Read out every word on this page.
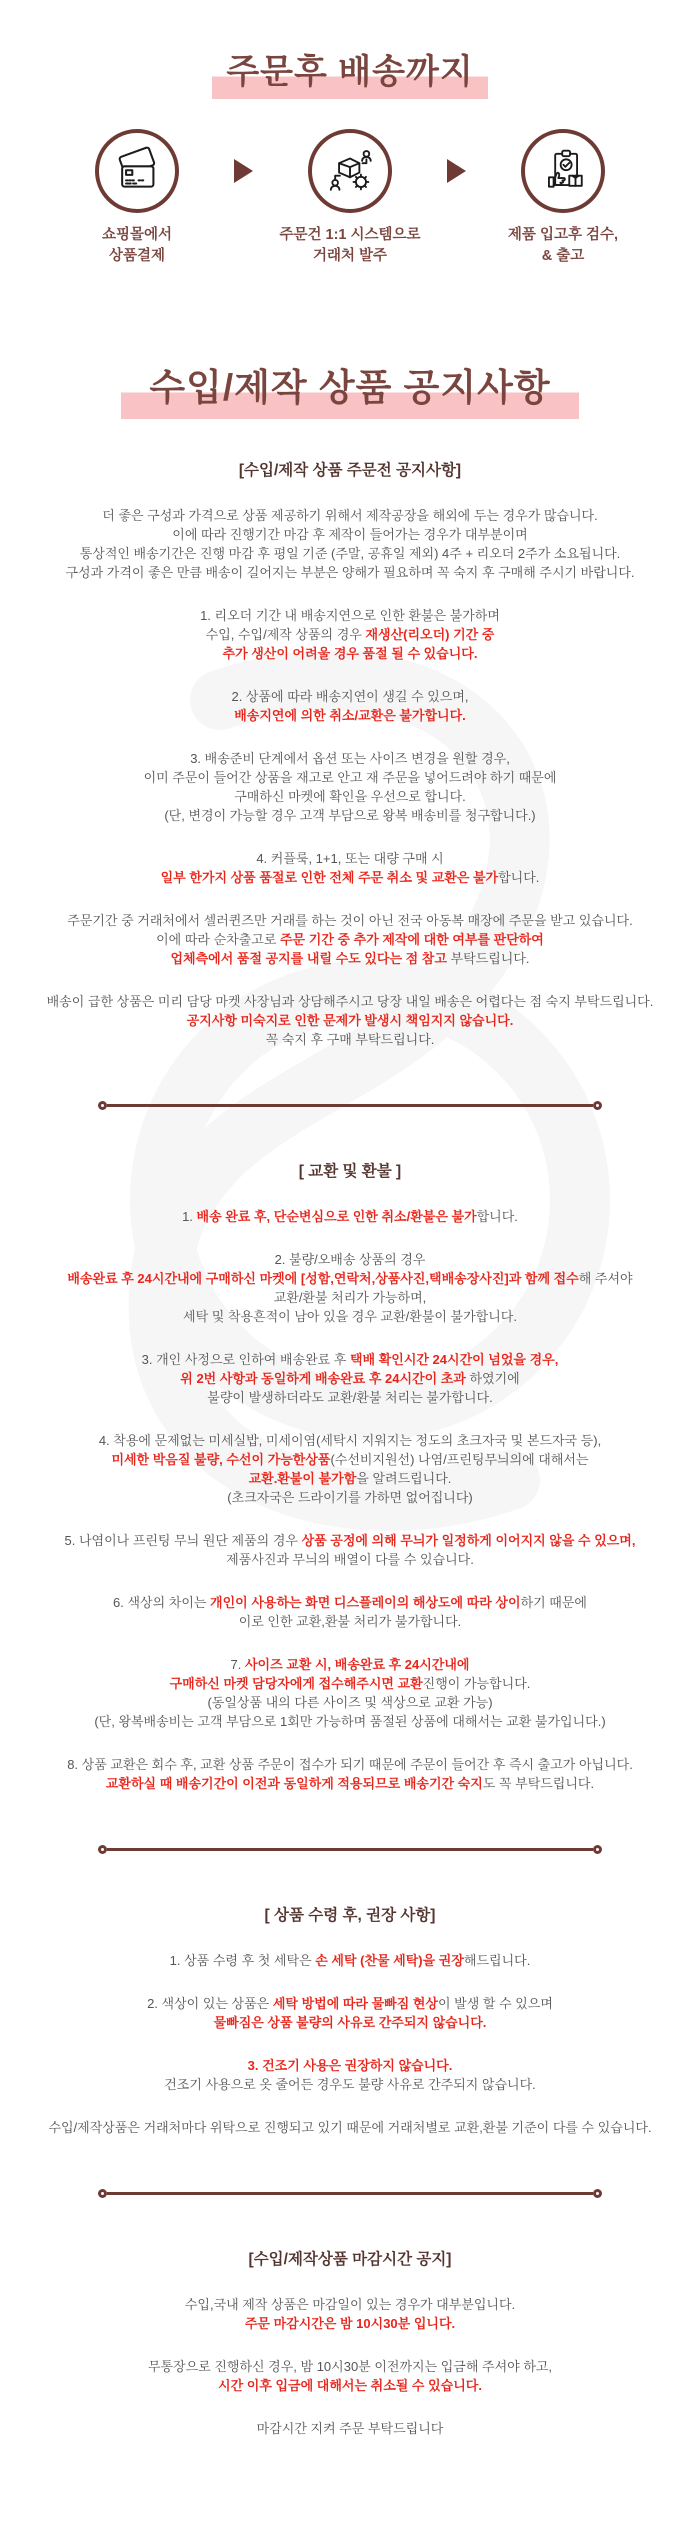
주문후 배송까지
쇼핑몰에서
상품결제
주문건 1:1 시스템으로
거래처 발주
제품 입고후 검수,
& 출고
수입/제작 상품 공지사항
[수입/제작 상품 주문전 공지사항]
더 좋은 구성과 가격으로 상품 제공하기 위해서 제작공장을 해외에 두는 경우가 많습니다.
이에 따라 진행기간 마감 후 제작이 들어가는 경우가 대부분이며
통상적인 배송기간은 진행 마감 후 평일 기준 (주말, 공휴일 제외) 4주 + 리오더 2주가 소요됩니다.
구성과 가격이 좋은 만큼 배송이 길어지는 부분은 양해가 필요하며 꼭 숙지 후 구매해 주시기 바랍니다.
1. 리오더 기간 내 배송지연으로 인한 환불은 불가하며
수입, 수입/제작 상품의 경우 재생산(리오더) 기간 중
추가 생산이 어려울 경우 품절 될 수 있습니다.
2. 상품에 따라 배송지연이 생길 수 있으며,
배송지연에 의한 취소/교환은 불가합니다.
3. 배송준비 단계에서 옵션 또는 사이즈 변경을 원할 경우,
이미 주문이 들어간 상품을 재고로 안고 재 주문을 넣어드려야 하기 때문에
구매하신 마켓에 확인을 우선으로 합니다.
(단, 변경이 가능할 경우 고객 부담으로 왕복 배송비를 청구합니다.)
4. 커플룩, 1+1, 또는 대량 구매 시
일부 한가지 상품 품절로 인한 전체 주문 취소 및 교환은 불가합니다.
주문기간 중 거래처에서 셀러퀸즈만 거래를 하는 것이 아닌 전국 아동복 매장에 주문을 받고 있습니다.
이에 따라 순차출고로 주문 기간 중 추가 제작에 대한 여부를 판단하여
업체측에서 품절 공지를 내릴 수도 있다는 점 참고 부탁드립니다.
배송이 급한 상품은 미리 담당 마켓 사장님과 상담해주시고 당장 내일 배송은 어렵다는 점 숙지 부탁드립니다.
공지사항 미숙지로 인한 문제가 발생시 책임지지 않습니다.
꼭 숙지 후 구매 부탁드립니다.
[ 교환 및 환불 ]
1. 배송 완료 후, 단순변심으로 인한 취소/환불은 불가합니다.
2. 불량/오배송 상품의 경우
배송완료 후 24시간내에 구매하신 마켓에 [성함,연락처,상품사진,택배송장사진]과 함께 접수해 주셔야
교환/환불 처리가 가능하며,
세탁 및 착용흔적이 남아 있을 경우 교환/환불이 불가합니다.
3. 개인 사정으로 인하여 배송완료 후 택배 확인시간 24시간이 넘었을 경우,
위 2번 사항과 동일하게 배송완료 후 24시간이 초과 하였기에
불량이 발생하더라도 교환/환불 처리는 불가합니다.
4. 착용에 문제없는 미세실밥, 미세이염(세탁시 지워지는 정도의 초크자국 및 본드자국 등),
미세한 박음질 불량, 수선이 가능한상품(수선비지원선) 나염/프린팅무늬의에 대해서는
교환.환불이 불가함을 알려드립니다.
(초크자국은 드라이기를 가하면 없어집니다)
5. 나염이나 프린팅 무늬 원단 제품의 경우 상품 공정에 의해 무늬가 일정하게 이어지지 않을 수 있으며,
제품사진과 무늬의 배열이 다를 수 있습니다.
6. 색상의 차이는 개인이 사용하는 화면 디스플레이의 해상도에 따라 상이하기 때문에
이로 인한 교환,환불 처리가 불가합니다.
7. 사이즈 교환 시, 배송완료 후 24시간내에
구매하신 마켓 담당자에게 접수해주시면 교환진행이 가능합니다.
(동일상품 내의 다른 사이즈 및 색상으로 교환 가능)
(단, 왕복배송비는 고객 부담으로 1회만 가능하며 품절된 상품에 대해서는 교환 불가입니다.)
8. 상품 교환은 회수 후, 교환 상품 주문이 접수가 되기 때문에 주문이 들어간 후 즉시 출고가 아닙니다.
교환하실 때 배송기간이 이전과 동일하게 적용되므로 배송기간 숙지도 꼭 부탁드립니다.
[ 상품 수령 후, 권장 사항]
1. 상품 수령 후 첫 세탁은 손 세탁 (찬물 세탁)을 권장해드립니다.
2. 색상이 있는 상품은 세탁 방법에 따라 물빠짐 현상이 발생 할 수 있으며
물빠짐은 상품 불량의 사유로 간주되지 않습니다.
3. 건조기 사용은 권장하지 않습니다.
건조기 사용으로 옷 줄어든 경우도 불량 사유로 간주되지 않습니다.
수입/제작상품은 거래처마다 위탁으로 진행되고 있기 때문에 거래처별로 교환,환불 기준이 다를 수 있습니다.
[수입/제작상품 마감시간 공지]
수입,국내 제작 상품은 마감일이 있는 경우가 대부분입니다.
주문 마감시간은 밤 10시30분 입니다.
무통장으로 진행하신 경우, 밤 10시30분 이전까지는 입금해 주셔야 하고,
시간 이후 입금에 대해서는 취소될 수 있습니다.
마감시간 지켜 주문 부탁드립니다
